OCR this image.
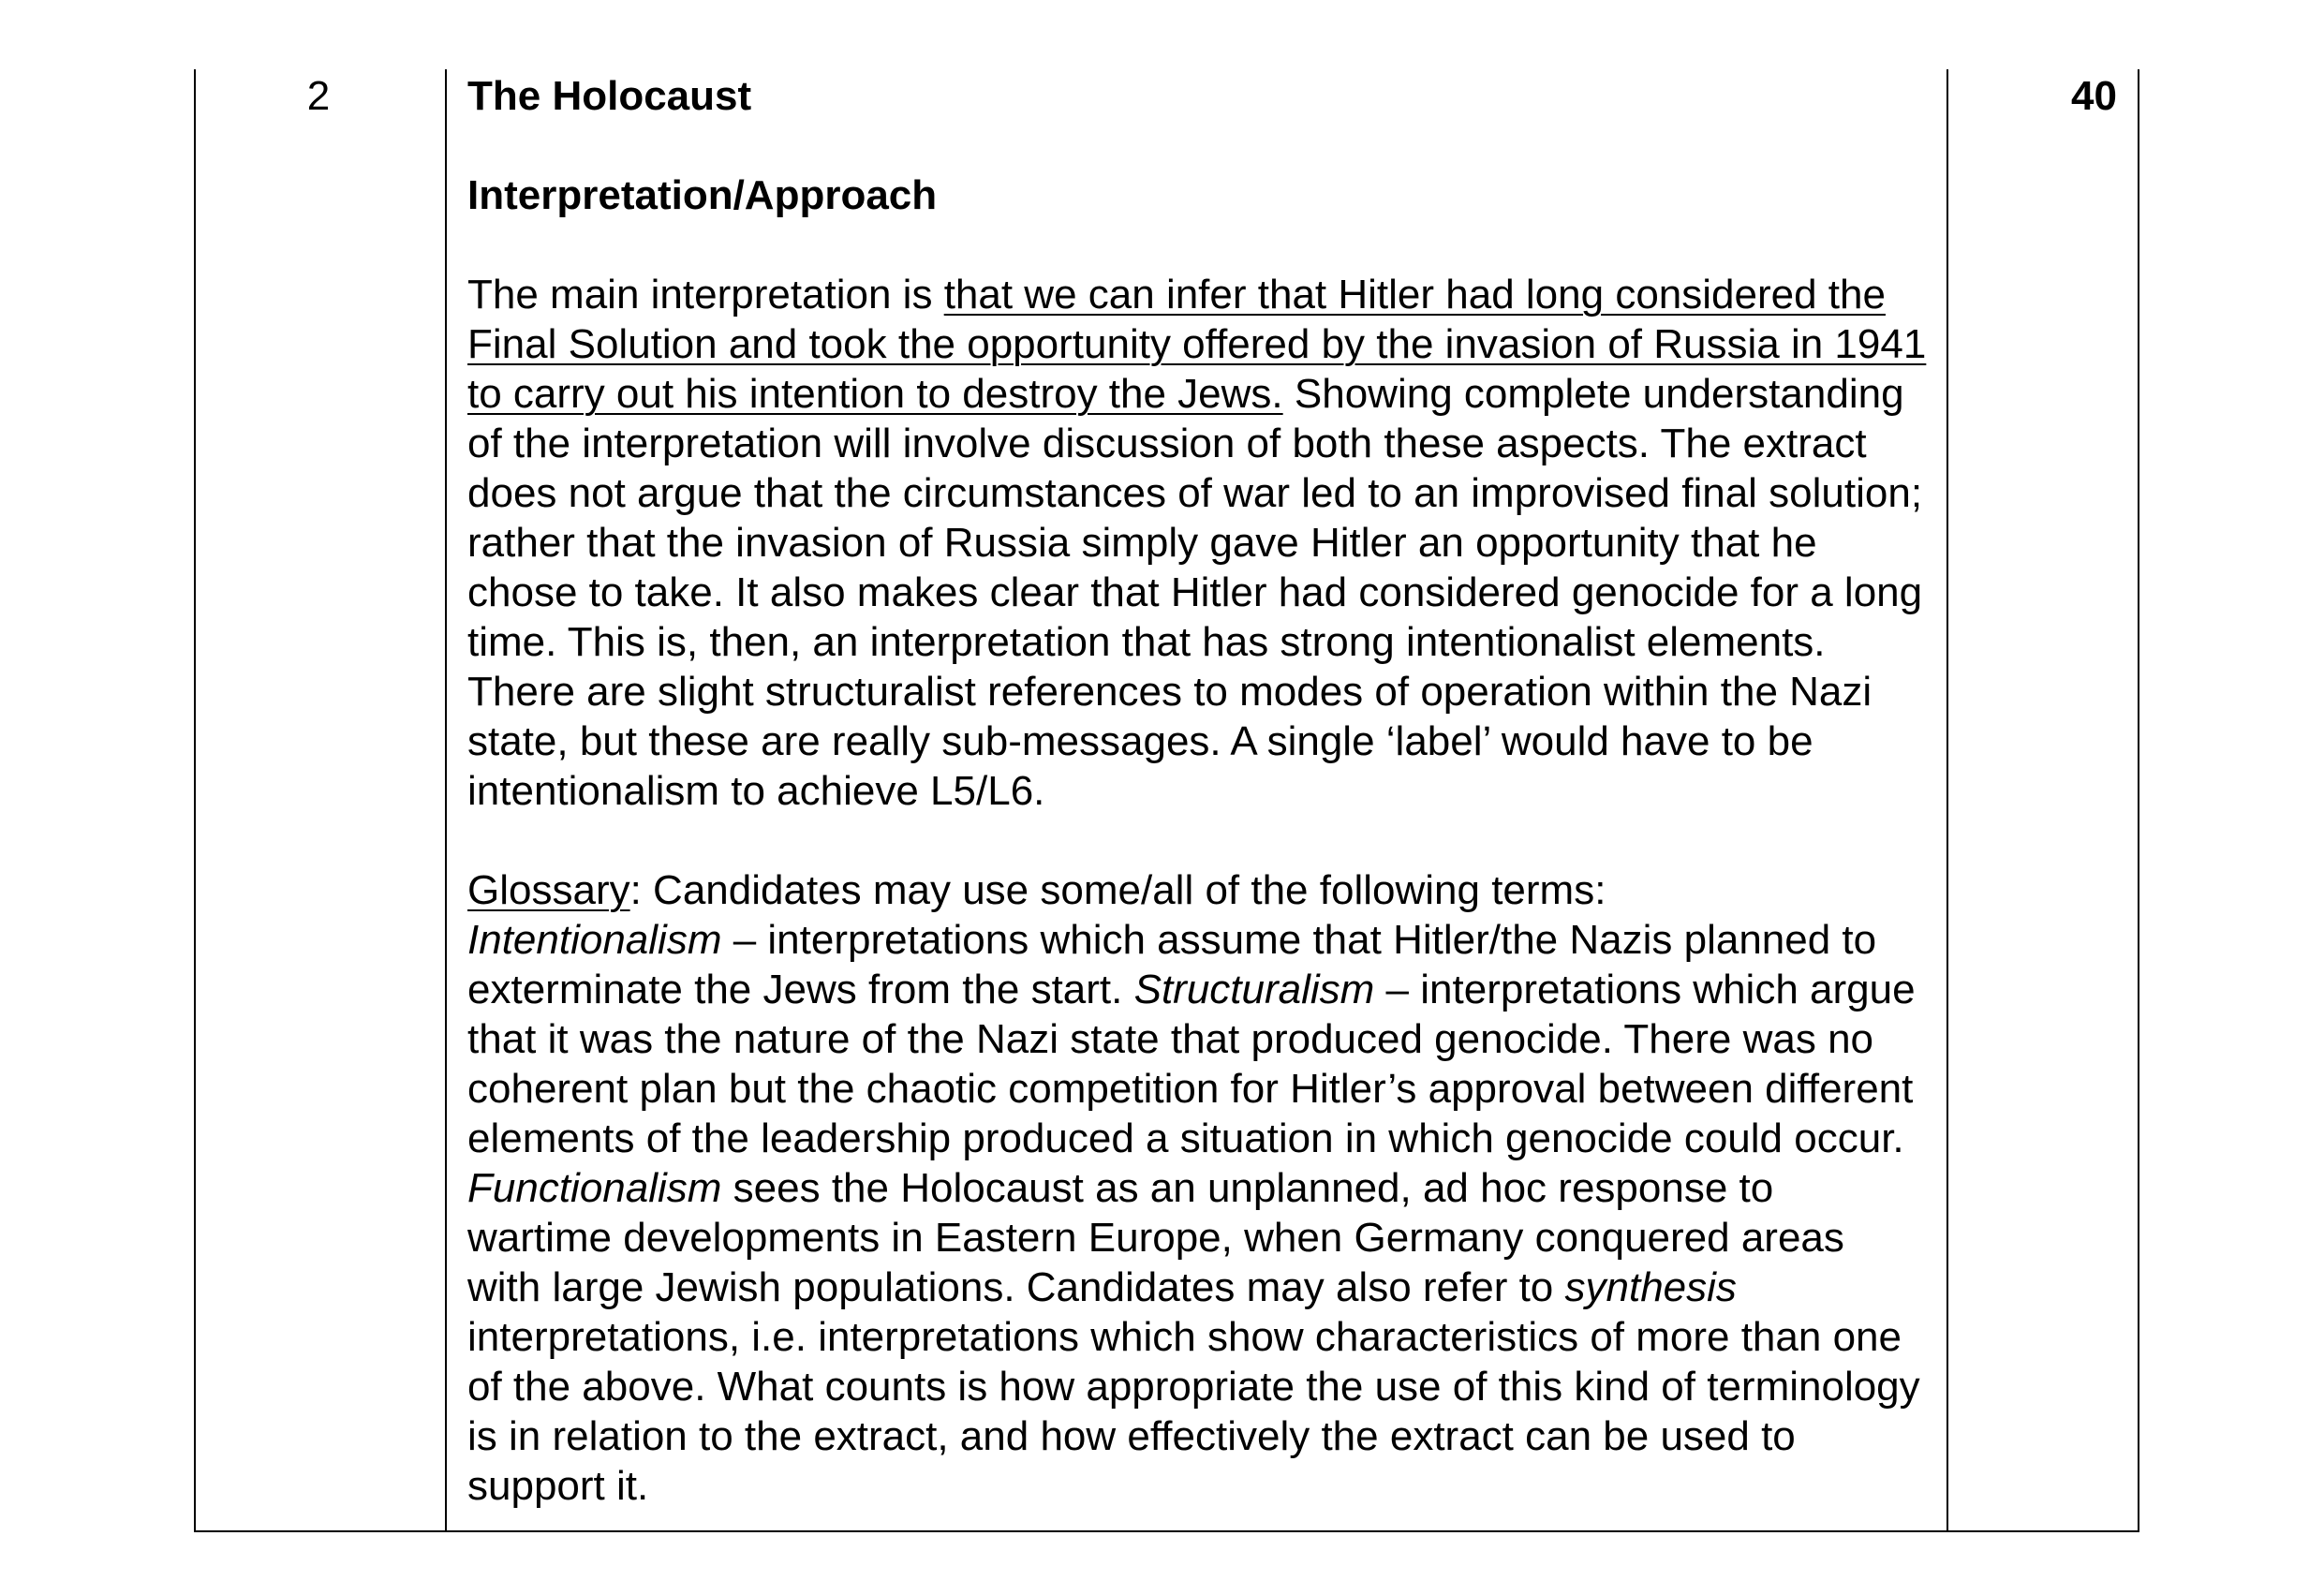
2	The Holocaust
Interpretation/Approach

The main interpretation is that we can infer that Hitler had long considered the Final Solution and took the opportunity offered by the invasion of Russia in 1941 to carry out his intention to destroy the Jews. Showing complete understanding of the interpretation will involve discussion of both these aspects. The extract does not argue that the circumstances of war led to an improvised final solution; rather that the invasion of Russia simply gave Hitler an opportunity that he chose to take. It also makes clear that Hitler had considered genocide for a long time. This is, then, an interpretation that has strong intentionalist elements. There are slight structuralist references to modes of operation within the Nazi state, but these are really sub-messages. A single ‘label’ would have to be intentionalism to achieve L5/L6.

Glossary: Candidates may use some/all of the following terms:
Intentionalism – interpretations which assume that Hitler/the Nazis planned to exterminate the Jews from the start. Structuralism – interpretations which argue that it was the nature of the Nazi state that produced genocide. There was no coherent plan but the chaotic competition for Hitler’s approval between different elements of the leadership produced a situation in which genocide could occur. Functionalism sees the Holocaust as an unplanned, ad hoc response to wartime developments in Eastern Europe, when Germany conquered areas with large Jewish populations. Candidates may also refer to synthesis interpretations, i.e. interpretations which show characteristics of more than one of the above. What counts is how appropriate the use of this kind of terminology is in relation to the extract, and how effectively the extract can be used to support it.

40
